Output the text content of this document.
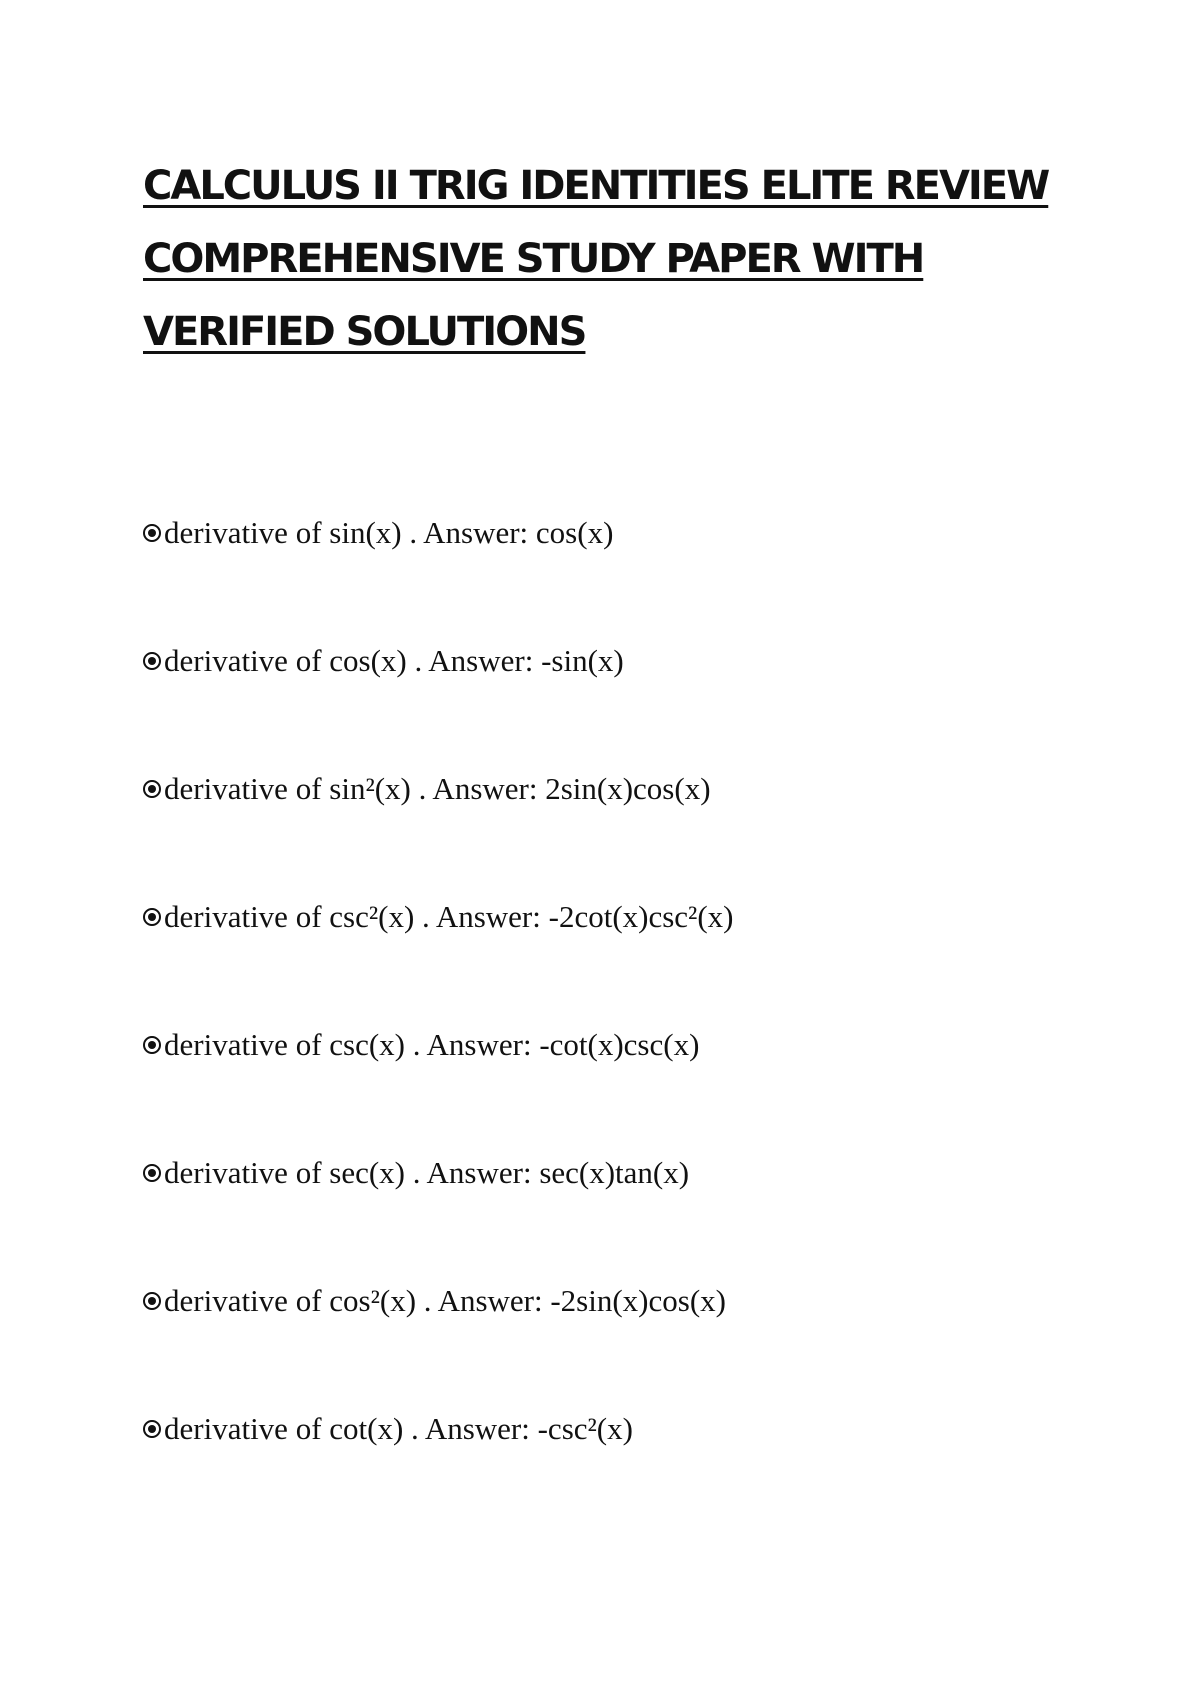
CALCULUS II TRIG IDENTITIES ELITE REVIEW COMPREHENSIVE STUDY PAPER WITH VERIFIED SOLUTIONS
derivative of sin(x) . Answer: cos(x)
derivative of cos(x) . Answer: -sin(x)
derivative of sin²(x) . Answer: 2sin(x)cos(x)
derivative of csc²(x) . Answer: -2cot(x)csc²(x)
derivative of csc(x) . Answer: -cot(x)csc(x)
derivative of sec(x) . Answer: sec(x)tan(x)
derivative of cos²(x) . Answer: -2sin(x)cos(x)
derivative of cot(x) . Answer: -csc²(x)
